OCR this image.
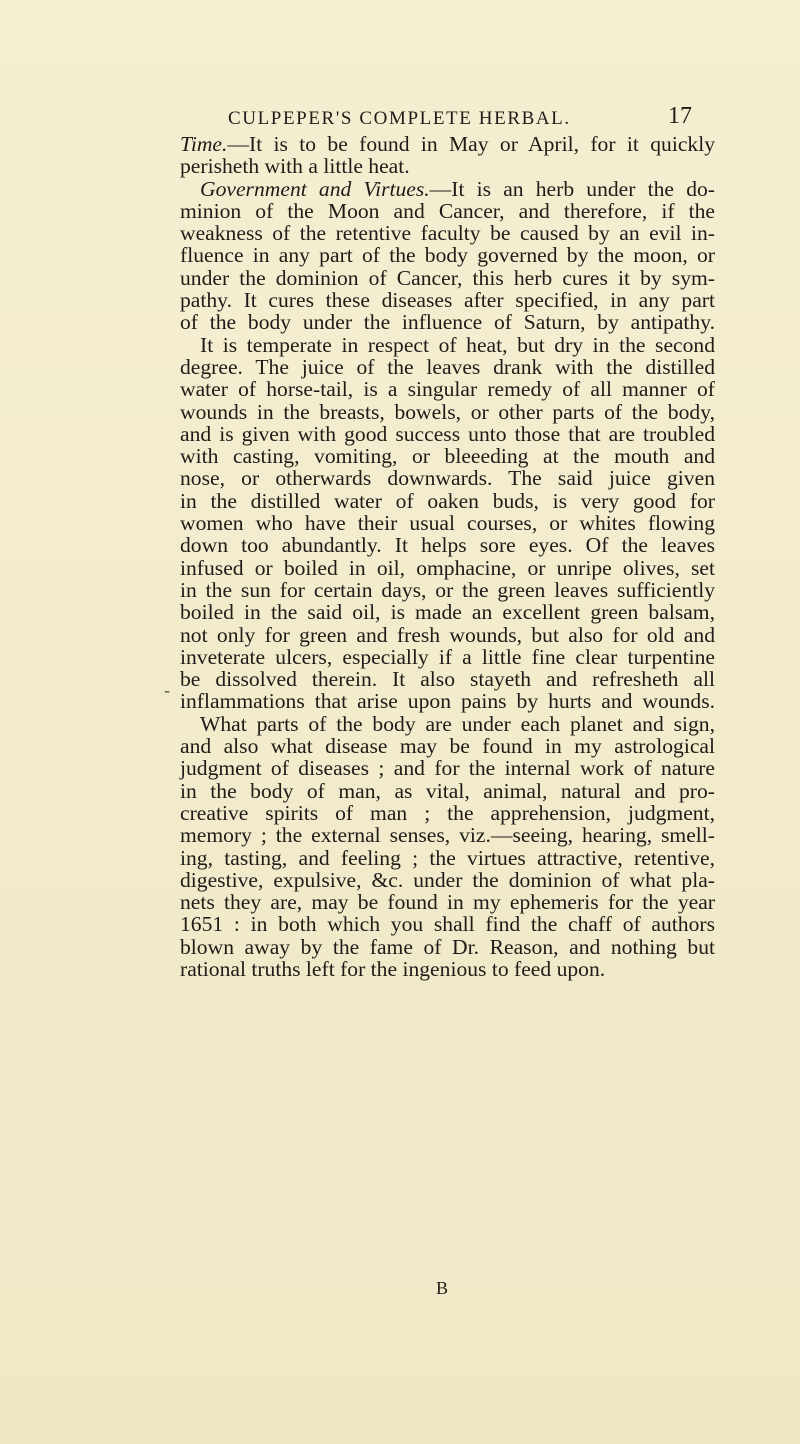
CULPEPER'S COMPLETE HERBAL.	17
-
Time.—It is to be found in May or April, for it quickly
perisheth with a little heat.
Government and Virtues.—It is an herb under the do-
minion of the Moon and Cancer, and therefore, if the
weakness of the retentive faculty be caused by an evil in-
fluence in any part of the body governed by the moon, or
under the dominion of Cancer, this herb cures it by sym-
pathy. It cures these diseases after specified, in any part
of the body under the influence of Saturn, by antipathy.
It is temperate in respect of heat, but dry in the second
degree. The juice of the leaves drank with the distilled
water of horse-tail, is a singular remedy of all manner of
wounds in the breasts, bowels, or other parts of the body,
and is given with good success unto those that are troubled
with casting, vomiting, or bleeeding at the mouth and
nose, or otherwards downwards. The said juice given
in the distilled water of oaken buds, is very good for
women who have their usual courses, or whites flowing
down too abundantly. It helps sore eyes. Of the leaves
infused or boiled in oil, omphacine, or unripe olives, set
in the sun for certain days, or the green leaves sufficiently
boiled in the said oil, is made an excellent green balsam,
not only for green and fresh wounds, but also for old and
inveterate ulcers, especially if a little fine clear turpentine
be dissolved therein. It also stayeth and refresheth all
inflammations that arise upon pains by hurts and wounds.
What parts of the body are under each planet and sign,
and also what disease may be found in my astrological
judgment of diseases ; and for the internal work of nature
in the body of man, as vital, animal, natural and pro-
creative spirits of man ; the apprehension, judgment,
memory ; the external senses, viz.—seeing, hearing, smell-
ing, tasting, and feeling ; the virtues attractive, retentive,
digestive, expulsive, &c. under the dominion of what pla-
nets they are, may be found in my ephemeris for the year
1651 : in both which you shall find the chaff of authors
blown away by the fame of Dr. Reason, and nothing but
rational truths left for the ingenious to feed upon.
B
